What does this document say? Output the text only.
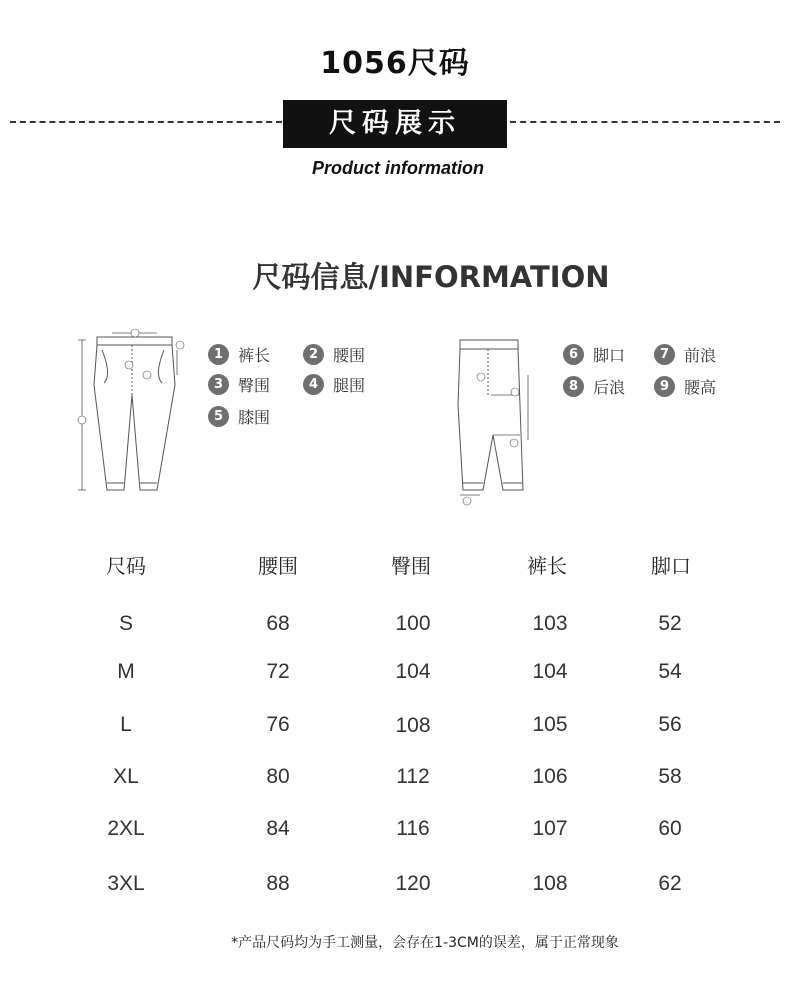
1056尺码
尺码展示
Product information
尺码信息/INFORMATION
1 裤长	2 腰围
3 臀围	4 腿围
5 膝围
6 脚口	7 前浪
8 后浪	9 腰高
尺码	腰围	臀围	裤长	脚口
S	68	100	103	52
M	72	104	104	54
L	76	108	105	56
XL	80	112	106	58
2XL	84	116	107	60
3XL	88	120	108	62
*产品尺码均为手工测量，会存在1-3CM的误差，属于正常现象
